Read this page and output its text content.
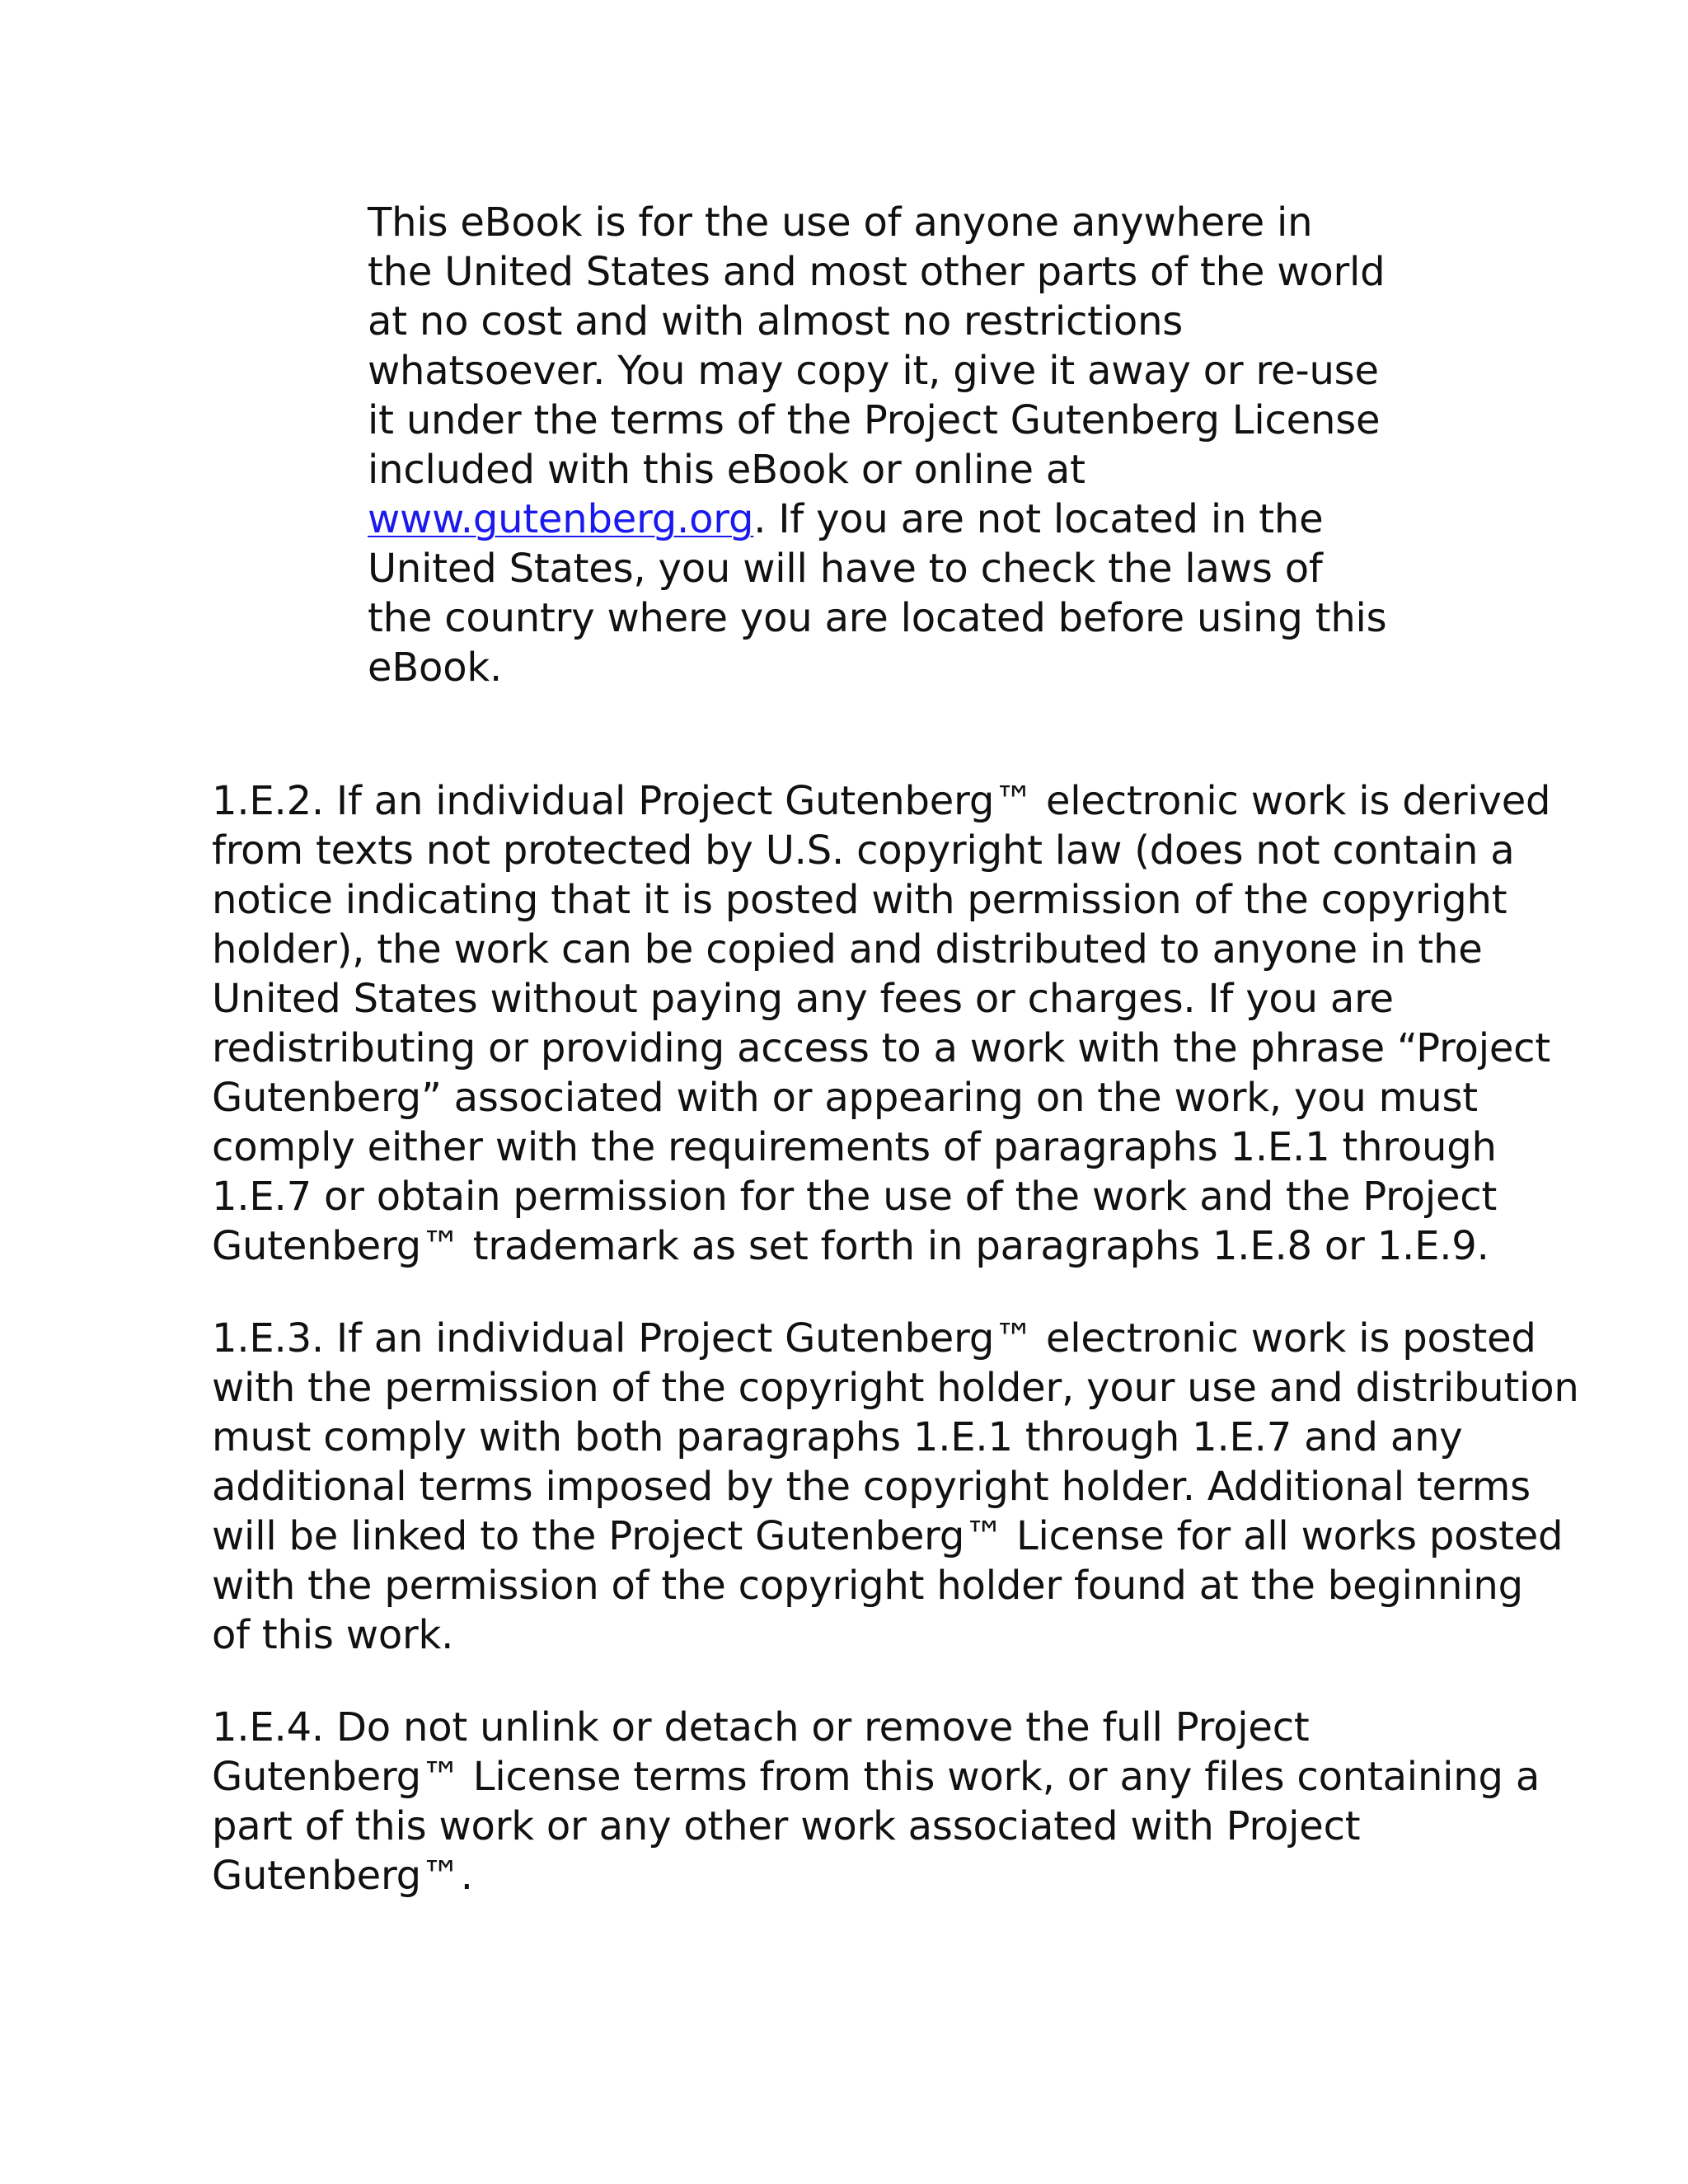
This eBook is for the use of anyone anywhere in
the United States and most other parts of the world
at no cost and with almost no restrictions
whatsoever. You may copy it, give it away or re-use
it under the terms of the Project Gutenberg License
included with this eBook or online at
www.gutenberg.org. If you are not located in the
United States, you will have to check the laws of
the country where you are located before using this
eBook.
1.E.2. If an individual Project Gutenberg™ electronic work is derived
from texts not protected by U.S. copyright law (does not contain a
notice indicating that it is posted with permission of the copyright
holder), the work can be copied and distributed to anyone in the
United States without paying any fees or charges. If you are
redistributing or providing access to a work with the phrase “Project
Gutenberg” associated with or appearing on the work, you must
comply either with the requirements of paragraphs 1.E.1 through
1.E.7 or obtain permission for the use of the work and the Project
Gutenberg™ trademark as set forth in paragraphs 1.E.8 or 1.E.9.
1.E.3. If an individual Project Gutenberg™ electronic work is posted
with the permission of the copyright holder, your use and distribution
must comply with both paragraphs 1.E.1 through 1.E.7 and any
additional terms imposed by the copyright holder. Additional terms
will be linked to the Project Gutenberg™ License for all works posted
with the permission of the copyright holder found at the beginning
of this work.
1.E.4. Do not unlink or detach or remove the full Project
Gutenberg™ License terms from this work, or any files containing a
part of this work or any other work associated with Project
Gutenberg™.
